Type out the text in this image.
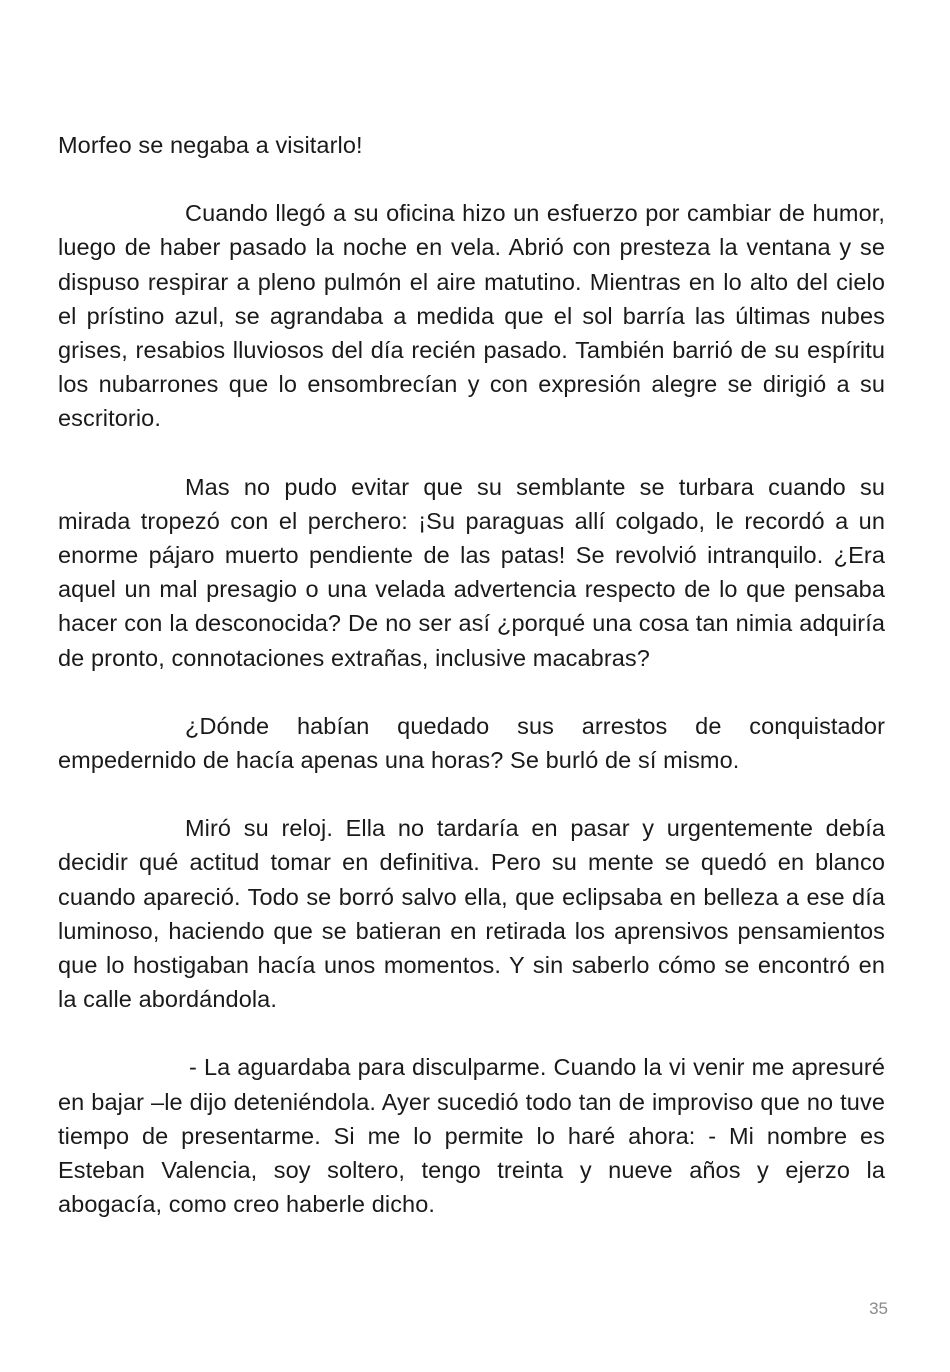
Morfeo se negaba a visitarlo!

Cuando llegó a su oficina hizo un esfuerzo por cambiar de humor, luego de haber pasado la noche en vela. Abrió con presteza la ventana y se dispuso respirar a pleno pulmón el aire matutino. Mientras en lo alto del cielo el prístino azul, se agrandaba a medida que el sol barría las últimas nubes grises, resabios lluviosos del día recién pasado. También barrió de su espíritu los nubarrones que lo ensombrecían y con expresión alegre se dirigió a su escritorio.

Mas no pudo evitar que su semblante se turbara cuando su mirada tropezó con el perchero: ¡Su paraguas allí colgado, le recordó a un enorme pájaro muerto pendiente de las patas! Se revolvió intranquilo. ¿Era aquel un mal presagio o una velada advertencia respecto de lo que pensaba hacer con la desconocida? De no ser así ¿porqué una cosa tan nimia adquiría de pronto, connotaciones extrañas, inclusive macabras?

¿Dónde habían quedado sus arrestos de conquistador empedernido de hacía apenas una horas? Se burló de sí mismo.

Miró su reloj. Ella no tardaría en pasar y urgentemente debía decidir qué actitud tomar en definitiva. Pero su mente se quedó en blanco cuando apareció. Todo se borró salvo ella, que eclipsaba en belleza a ese día luminoso, haciendo que se batieran en retirada los aprensivos pensamientos que lo hostigaban hacía unos momentos. Y sin saberlo cómo se encontró en la calle abordándola.

- La aguardaba para disculparme. Cuando la vi venir me apresuré en bajar –le dijo deteniéndola. Ayer sucedió todo tan de improviso que no tuve tiempo de presentarme. Si me lo permite lo haré ahora: - Mi nombre es Esteban Valencia, soy soltero, tengo treinta y nueve años y ejerzo la abogacía, como creo haberle dicho.

35
